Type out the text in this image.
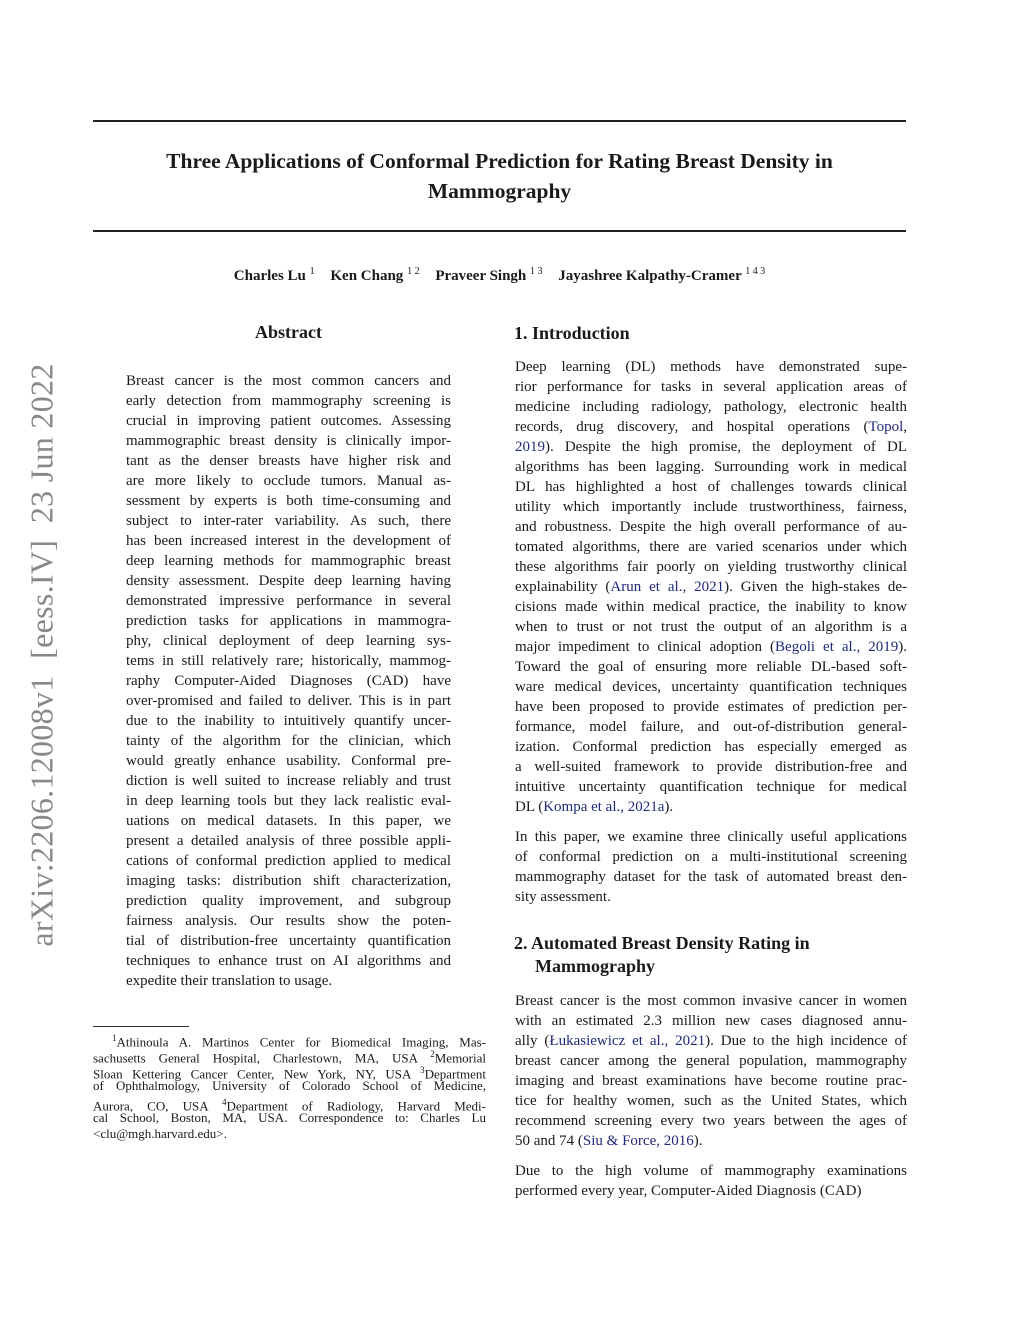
Three Applications of Conformal Prediction for Rating Breast Density in
Mammography
Charles Lu $^1$ Ken Chang $^{1 2}$ Praveer Singh $^{1 3}$ Jayashree Kalpathy-Cramer $^{1 4 3}$
arXiv:2206.12008v1  [eess.IV]  23 Jun 2022
Abstract
Breast cancer is the most common cancers and
early detection from mammography screening is
crucial in improving patient outcomes. Assessing
mammographic breast density is clinically impor-
tant as the denser breasts have higher risk and
are more likely to occlude tumors. Manual as-
sessment by experts is both time-consuming and
subject to inter-rater variability. As such, there
has been increased interest in the development of
deep learning methods for mammographic breast
density assessment. Despite deep learning having
demonstrated impressive performance in several
prediction tasks for applications in mammogra-
phy, clinical deployment of deep learning sys-
tems in still relatively rare; historically, mammog-
raphy Computer-Aided Diagnoses (CAD) have
over-promised and failed to deliver. This is in part
due to the inability to intuitively quantify uncer-
tainty of the algorithm for the clinician, which
would greatly enhance usability. Conformal pre-
diction is well suited to increase reliably and trust
in deep learning tools but they lack realistic eval-
uations on medical datasets. In this paper, we
present a detailed analysis of three possible appli-
cations of conformal prediction applied to medical
imaging tasks: distribution shift characterization,
prediction quality improvement, and subgroup
fairness analysis. Our results show the poten-
tial of distribution-free uncertainty quantification
techniques to enhance trust on AI algorithms and
expedite their translation to usage.
$^1$Athinoula A. Martinos Center for Biomedical Imaging, Mas-
sachusetts General Hospital, Charlestown, MA, USA $^2$Memorial
Sloan Kettering Cancer Center, New York, NY, USA $^3$Department
of Ophthalmology, University of Colorado School of Medicine,
Aurora, CO, USA $^4$Department of Radiology, Harvard Medi-
cal School, Boston, MA, USA. Correspondence to: Charles Lu
<clu@mgh.harvard.edu>.
1. Introduction
Deep learning (DL) methods have demonstrated supe-
rior performance for tasks in several application areas of
medicine including radiology, pathology, electronic health
records, drug discovery, and hospital operations (Topol,
2019). Despite the high promise, the deployment of DL
algorithms has been lagging. Surrounding work in medical
DL has highlighted a host of challenges towards clinical
utility which importantly include trustworthiness, fairness,
and robustness. Despite the high overall performance of au-
tomated algorithms, there are varied scenarios under which
these algorithms fair poorly on yielding trustworthy clinical
explainability (Arun et al., 2021). Given the high-stakes de-
cisions made within medical practice, the inability to know
when to trust or not trust the output of an algorithm is a
major impediment to clinical adoption (Begoli et al., 2019).
Toward the goal of ensuring more reliable DL-based soft-
ware medical devices, uncertainty quantification techniques
have been proposed to provide estimates of prediction per-
formance, model failure, and out-of-distribution general-
ization. Conformal prediction has especially emerged as
a well-suited framework to provide distribution-free and
intuitive uncertainty quantification technique for medical
DL (Kompa et al., 2021a).
In this paper, we examine three clinically useful applications
of conformal prediction on a multi-institutional screening
mammography dataset for the task of automated breast den-
sity assessment.
2. Automated Breast Density Rating in
Mammography
Breast cancer is the most common invasive cancer in women
with an estimated 2.3 million new cases diagnosed annu-
ally (Łukasiewicz et al., 2021). Due to the high incidence of
breast cancer among the general population, mammography
imaging and breast examinations have become routine prac-
tice for healthy women, such as the United States, which
recommend screening every two years between the ages of
50 and 74 (Siu & Force, 2016).
Due to the high volume of mammography examinations
performed every year, Computer-Aided Diagnosis (CAD)
